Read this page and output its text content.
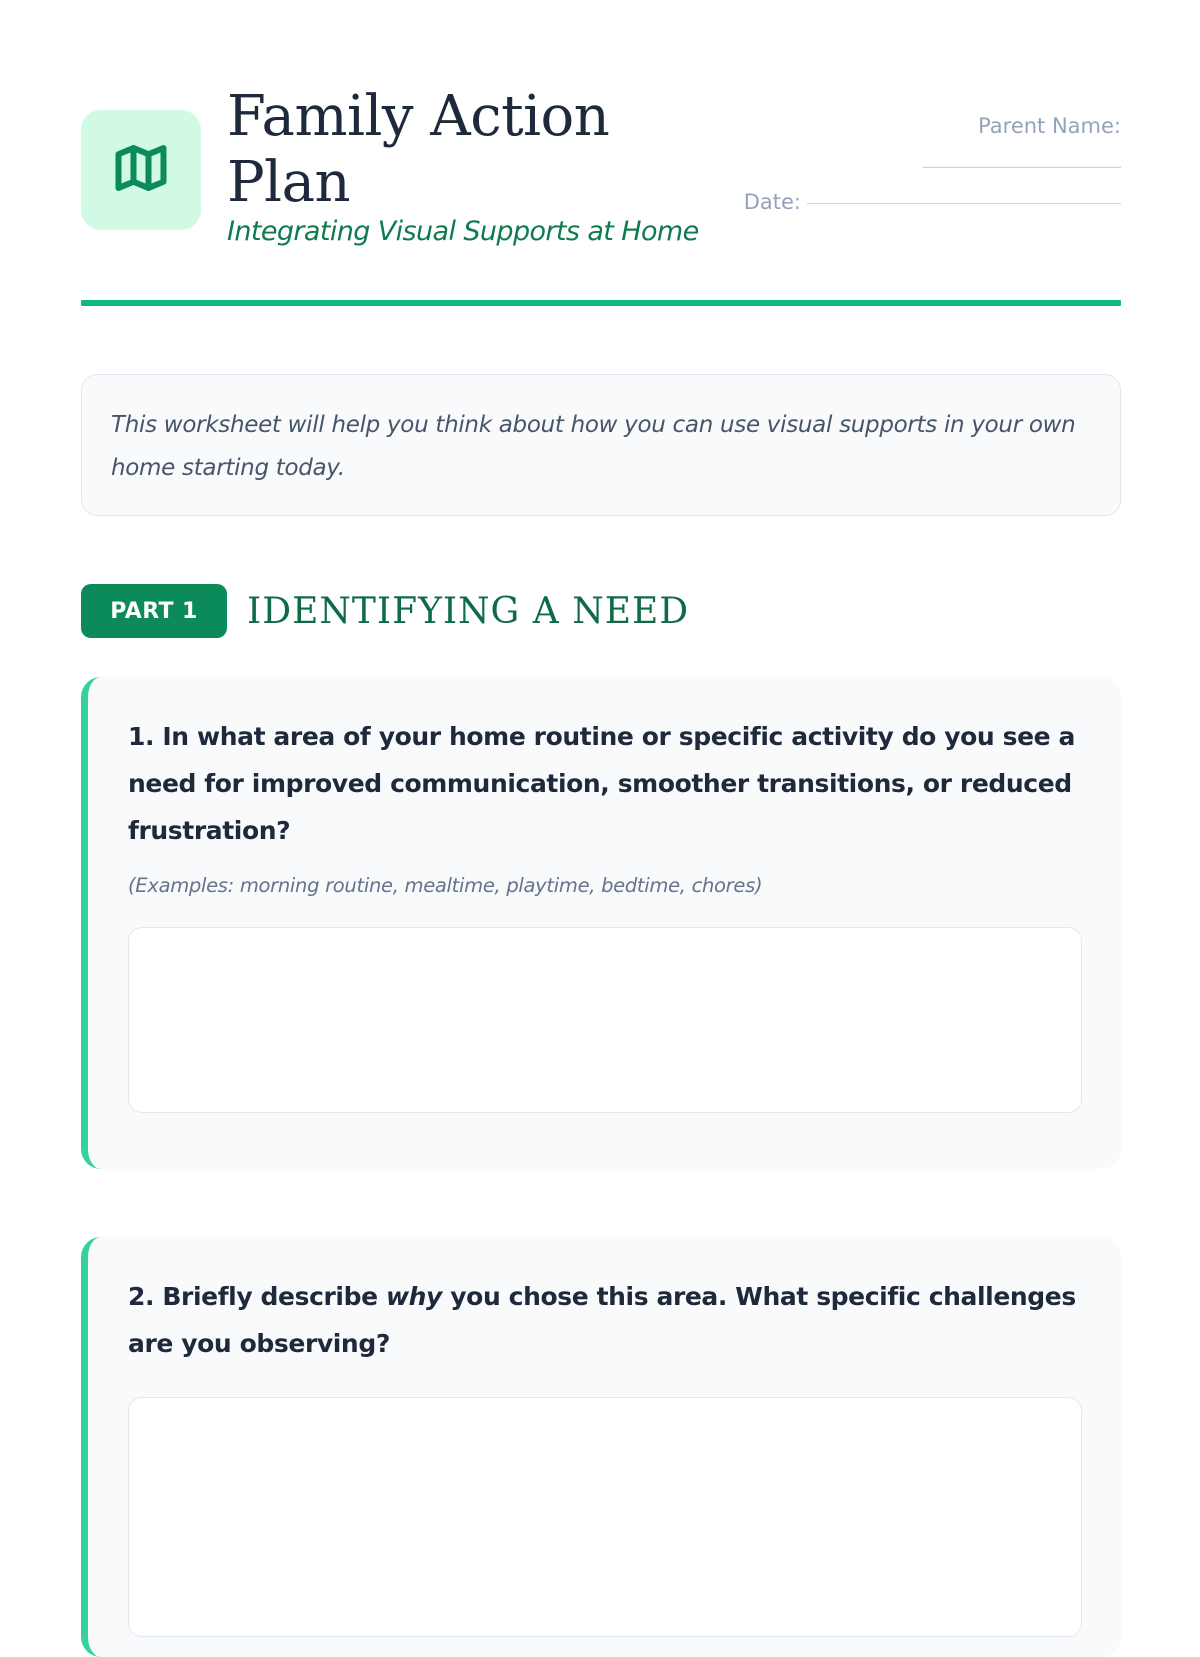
Family Action Plan
Integrating Visual Supports at Home
Parent Name:
______________________
Date:
This worksheet will help you think about how you can use visual supports in your own home starting today.
PART 1	IDENTIFYING A NEED
1. In what area of your home routine or specific activity do you see a need for improved communication, smoother transitions, or reduced frustration?
(Examples: morning routine, mealtime, playtime, bedtime, chores)
2. Briefly describe why you chose this area. What specific challenges are you observing?
